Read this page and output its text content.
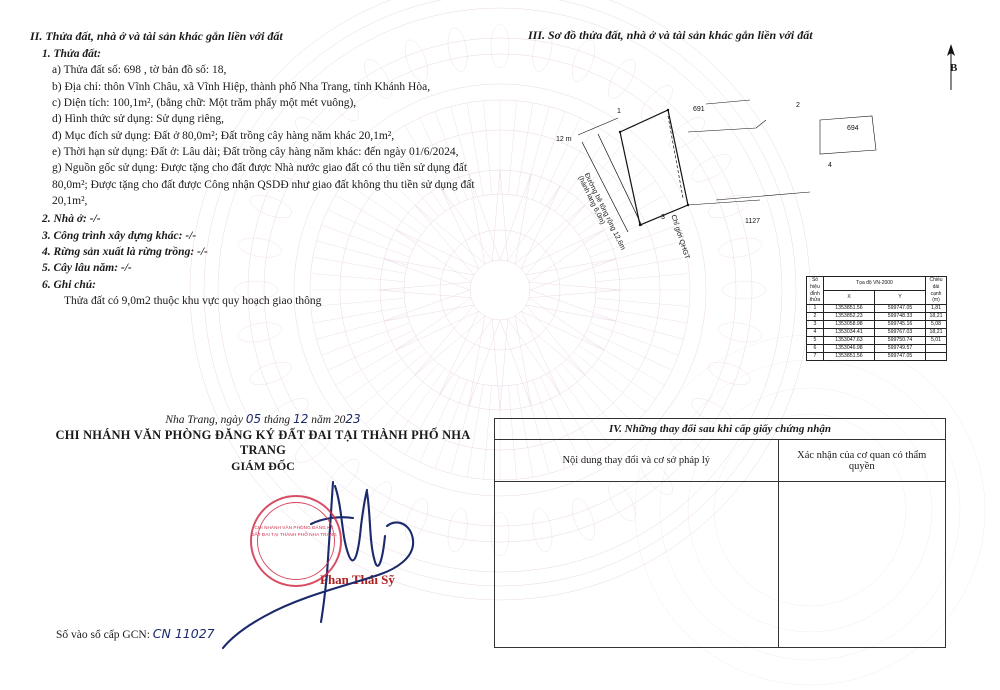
II. Thửa đất, nhà ở và tài sản khác gắn liền với đất
1. Thửa đất:
a) Thửa đất số: 698 , tờ bản đồ số: 18,
b) Địa chỉ: thôn Vĩnh Châu, xã Vĩnh Hiệp, thành phố Nha Trang, tỉnh Khánh Hòa,
c) Diện tích: 100,1m², (bằng chữ: Một trăm phẩy một mét vuông),
d) Hình thức sử dụng: Sử dụng riêng,
đ) Mục đích sử dụng: Đất ở 80,0m²; Đất trồng cây hàng năm khác 20,1m²,
e) Thời hạn sử dụng: Đất ở: Lâu dài; Đất trồng cây hàng năm khác: đến ngày 01/6/2024,
g) Nguồn gốc sử dụng: Được tặng cho đất được Nhà nước giao đất có thu tiền sử dụng đất 80,0m²; Được tặng cho đất được Công nhận QSDĐ như giao đất không thu tiền sử dụng đất 20,1m²,
2. Nhà ở: -/-
3. Công trình xây dựng khác: -/-
4. Rừng sản xuất là rừng trồng: -/-
5. Cây lâu năm: -/-
6. Ghi chú:
Thửa đất có 9,0m2 thuộc khu vực quy hoạch giao thông
III. Sơ đồ thửa đất, nhà ở và tài sản khác gắn liền với đất
B
691
2
694
1127
12 m
1
4
3
Đường bê tông rộng 12,6m
(hành lang 6,0m)
Chỉ giới QHGT
Số hiệu đỉnh thửa	Tọa độ VN-2000		Chiều dài cạnh (m)
	X	Y	
1	1353851.56	599747.05	1,81
2	1353852.23	599748.33	18,21
3	1353058.98	599745.16	5,08
4	1353034.41	599767.03	18,21
5	1353047.63	599750.74	5,01
6	1353046.98	599749.57	
7	1353851.56	599747.05	
Nha Trang, ngày 05 tháng 12 năm 2023
CHI NHÁNH VĂN PHÒNG ĐĂNG KÝ ĐẤT ĐAI TẠI THÀNH PHỐ NHA TRANG
GIÁM ĐỐC
Phan Thái Sỹ
CHI NHÁNH VĂN PHÒNG ĐĂNG KÝ ĐẤT ĐAI TẠI THÀNH PHỐ NHA TRANG
Số vào sổ cấp GCN: CN 11027
IV. Những thay đổi sau khi cấp giấy chứng nhận
Nội dung thay đổi và cơ sở pháp lý	Xác nhận của cơ quan có thẩm quyền
